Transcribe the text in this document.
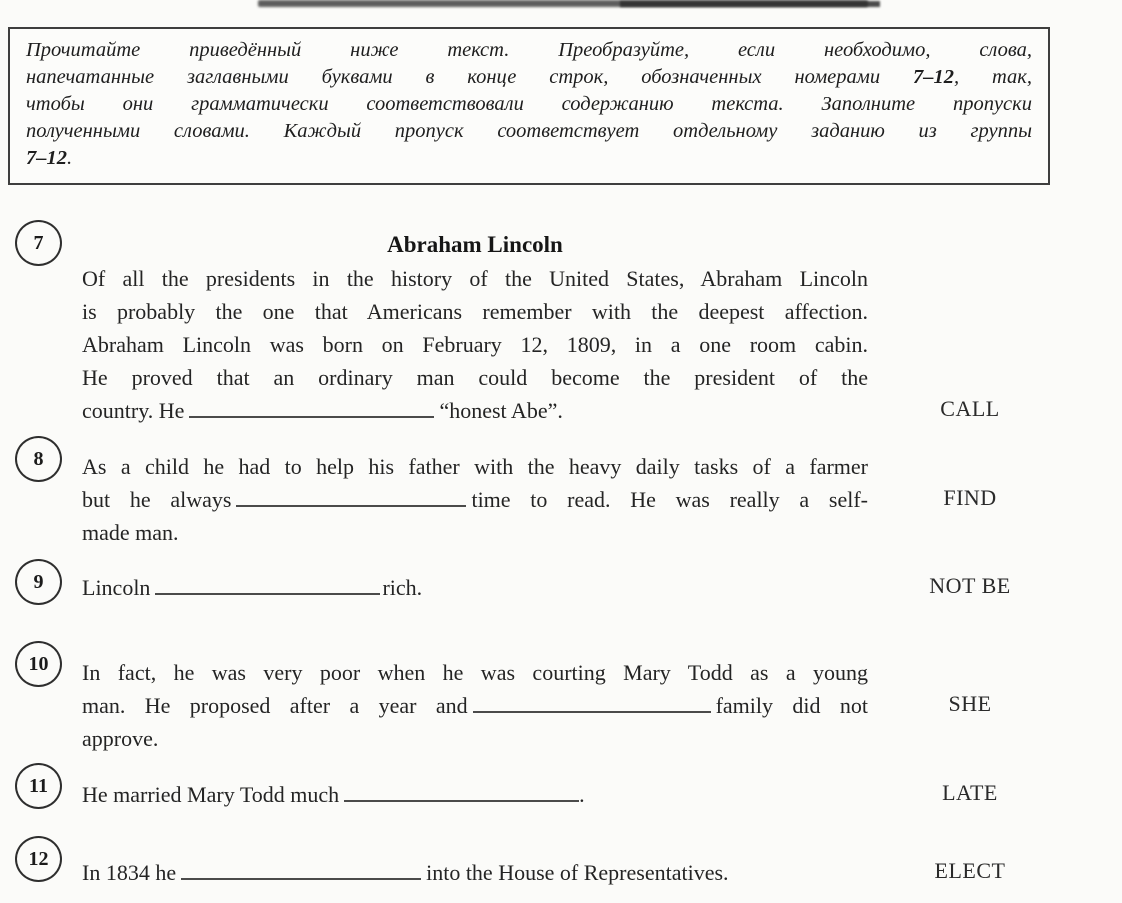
Прочитайте приведённый ниже текст. Преобразуйте, если необходимо, слова,
напечатанные заглавными буквами в конце строк, обозначенных номерами 7–12, так,
чтобы они грамматически соответствовали содержанию текста. Заполните пропуски
полученными словами. Каждый пропуск соответствует отдельному заданию из группы
7–12.
7	Abraham Lincoln
Of all the presidents in the history of the United States, Abraham Lincoln
is probably the one that Americans remember with the deepest affection.
Abraham Lincoln was born on February 12, 1809, in a one room cabin.
He proved that an ordinary man could become the president of the
country. He	“honest Abe”.	CALL
8 As a child he had to help his father with the heavy daily tasks of a farmer
but he always	time to read. He was really a self-
made man.
FIND
9 Lincoln	rich.	NOT BE
10 In fact, he was very poor when he was courting Mary Todd as a young
man. He proposed after a year and	family did not
approve.
SHE
11 He married Mary Todd much	.	LATE
12
In 1834 he	into the House of Representatives.	ELECT
